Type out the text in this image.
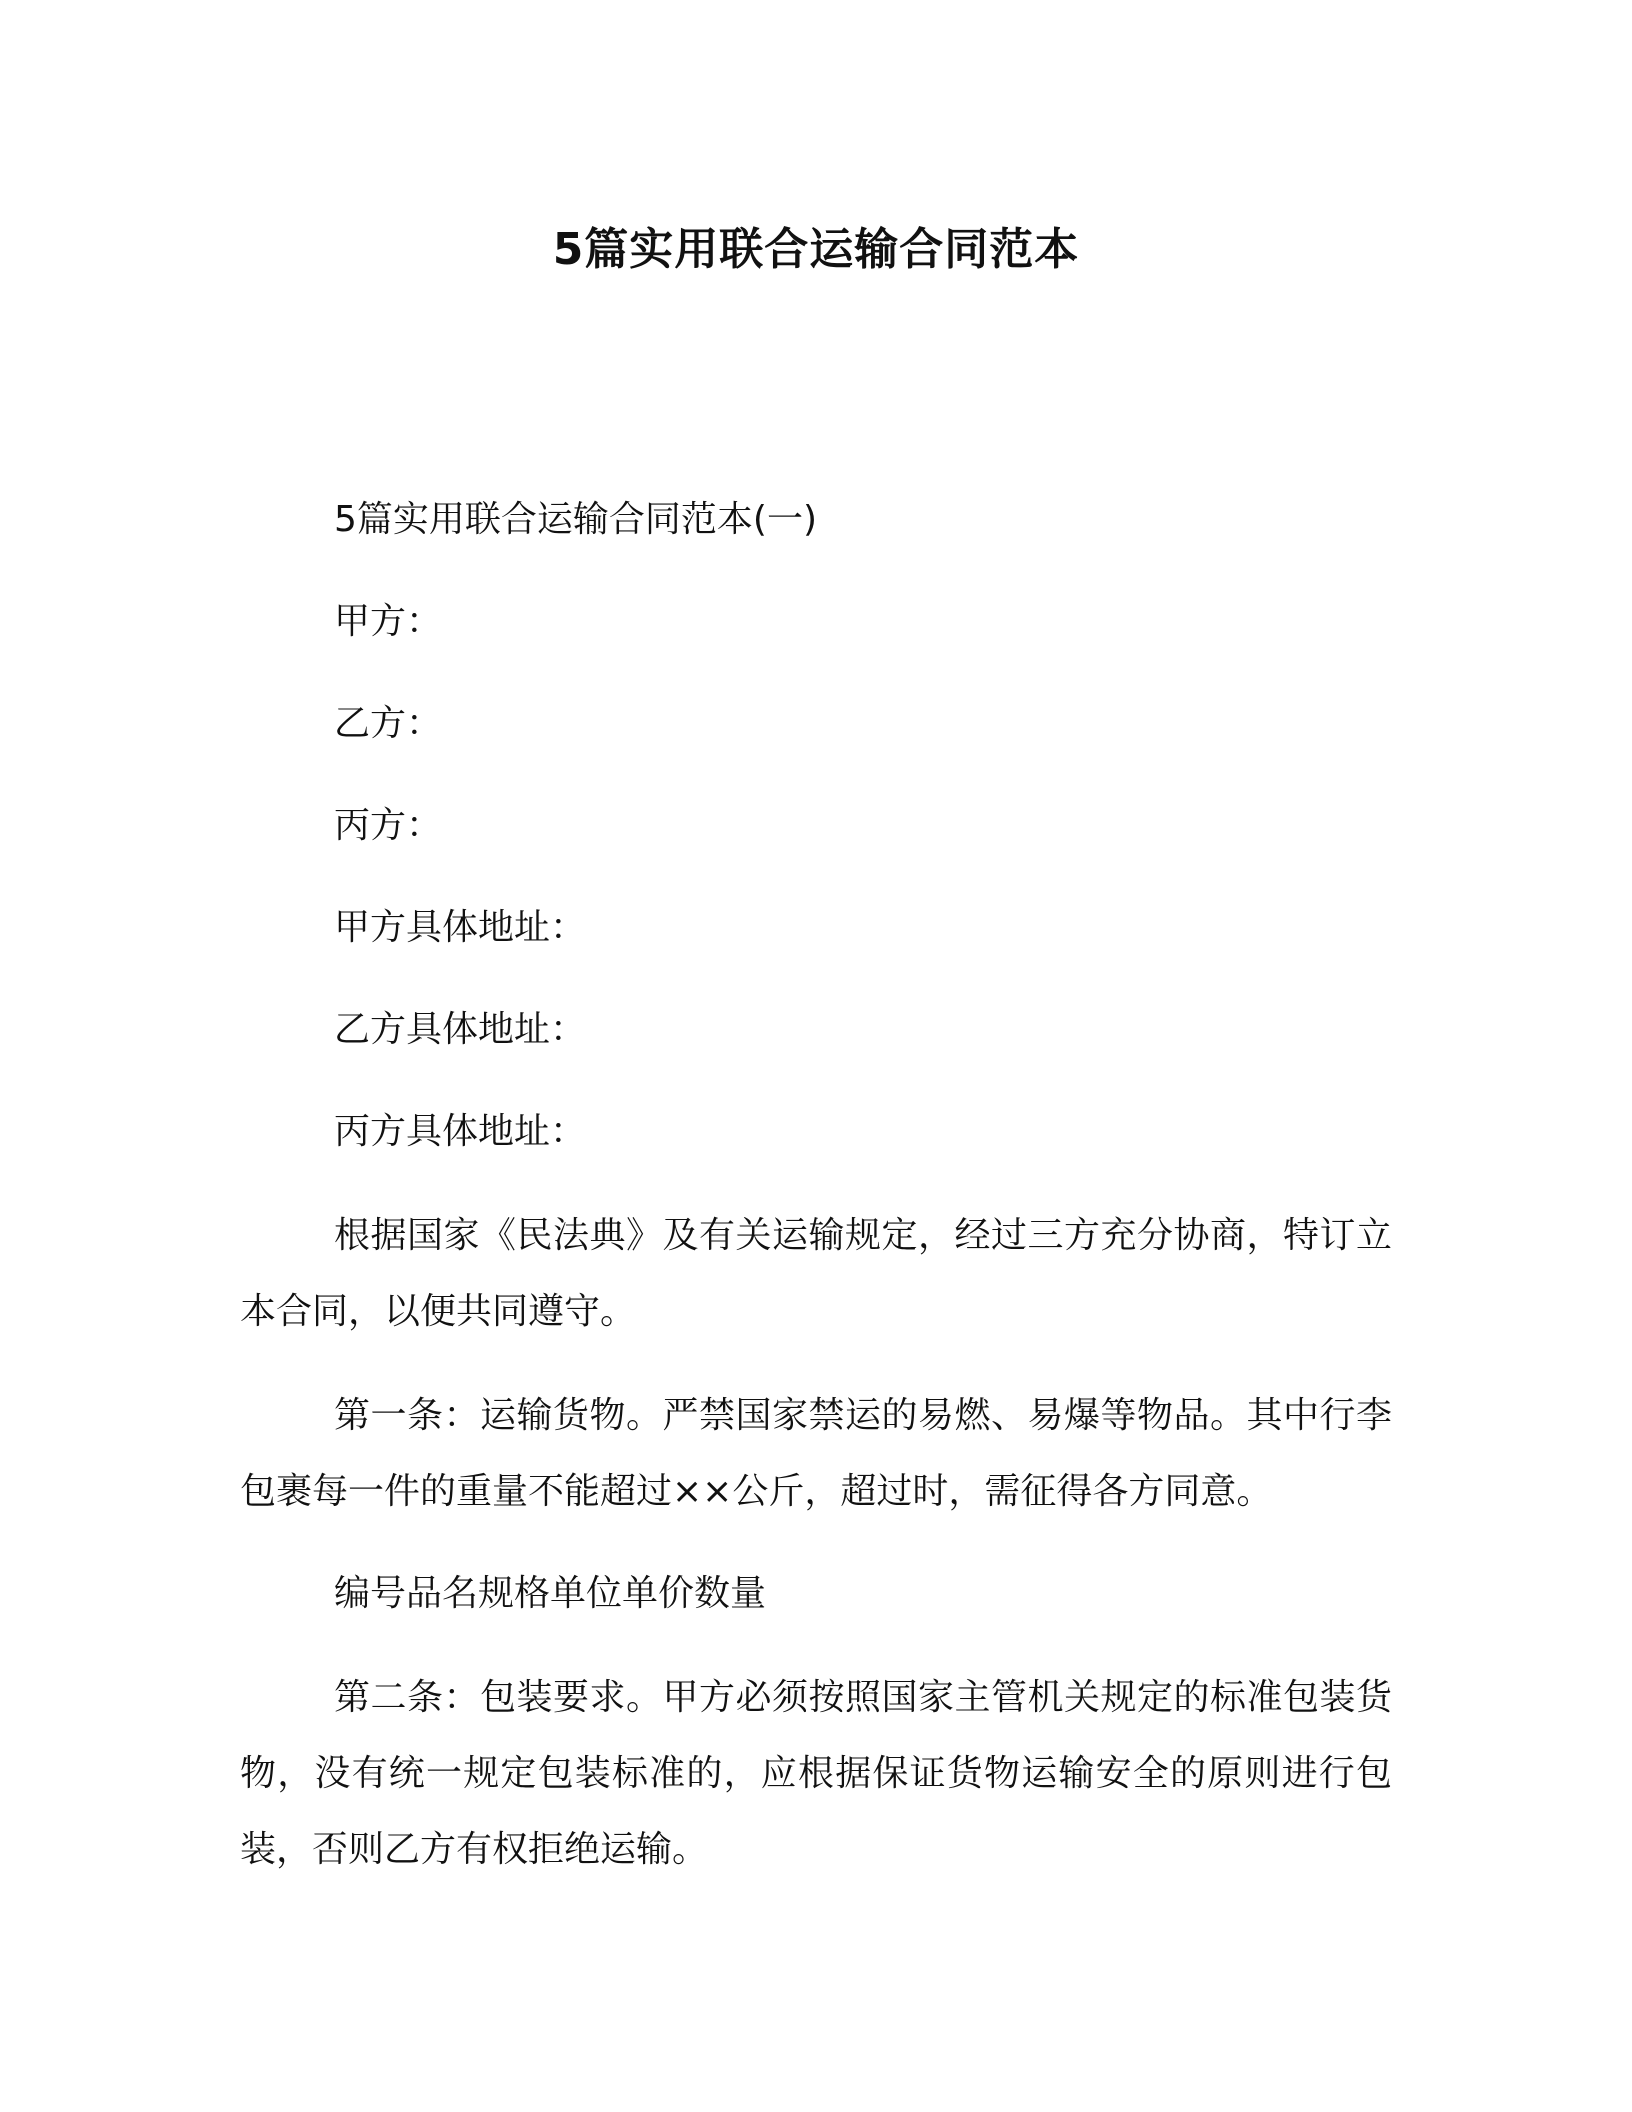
5篇实用联合运输合同范本

5篇实用联合运输合同范本(一)

甲方：

乙方：

丙方：

甲方具体地址：

乙方具体地址：

丙方具体地址：

根据国家《民法典》及有关运输规定，经过三方充分协商，特订立本合同，以便共同遵守。

第一条：运输货物。严禁国家禁运的易燃、易爆等物品。其中行李包裹每一件的重量不能超过××公斤，超过时，需征得各方同意。

编号品名规格单位单价数量

第二条：包装要求。甲方必须按照国家主管机关规定的标准包装货物，没有统一规定包装标准的，应根据保证货物运输安全的原则进行包装，否则乙方有权拒绝运输。
